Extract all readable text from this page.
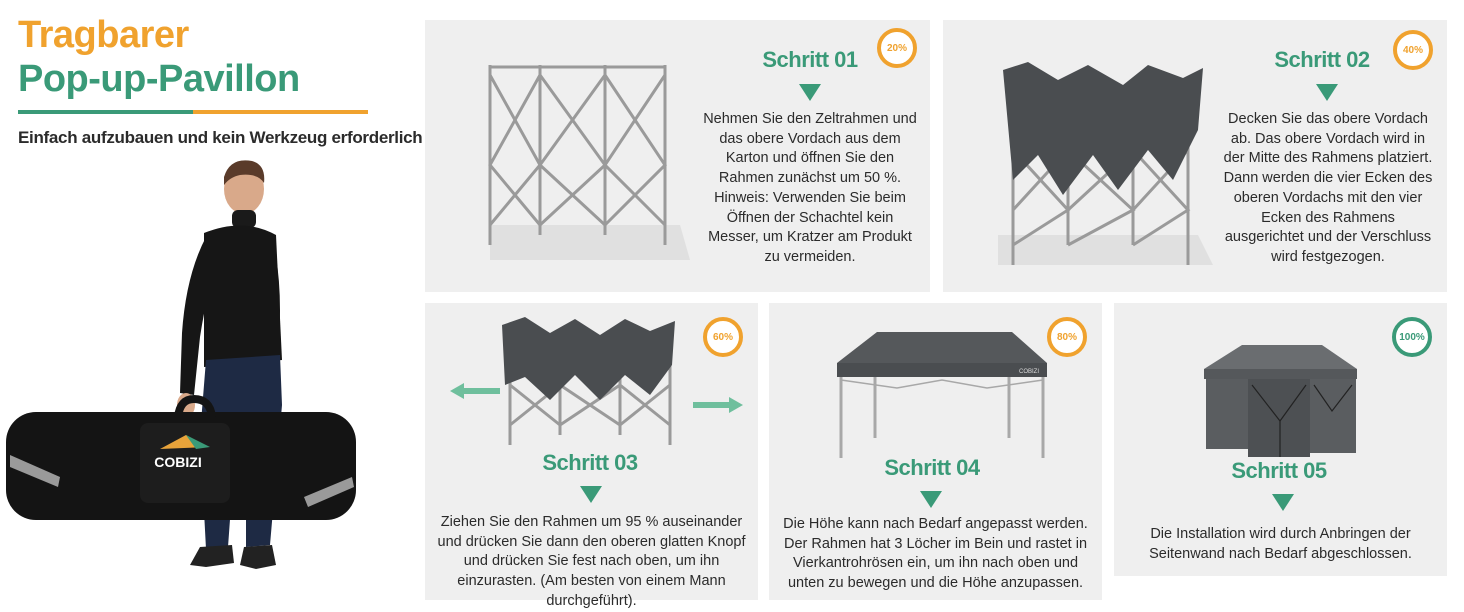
Tragbarer
Pop-up-Pavillon
Einfach aufzubauen und kein Werkzeug erforderlich
COBIZI
Schritt 01
Nehmen Sie den Zeltrahmen und das obere Vordach aus dem Karton und öffnen Sie den Rahmen zunächst um 50 %.
Hinweis: Verwenden Sie beim Öffnen der Schachtel kein Messer, um Kratzer am Produkt zu vermeiden.
20%	Schritt 02
Decken Sie das obere Vordach ab. Das obere Vordach wird in der Mitte des Rahmens platziert. Dann werden die vier Ecken des oberen Vordachs mit den vier Ecken des Rahmens ausgerichtet und der Verschluss wird festgezogen.
40%
Schritt 03
Ziehen Sie den Rahmen um 95 % auseinander und drücken Sie dann den oberen glatten Knopf und drücken Sie fest nach oben, um ihn einzurasten. (Am besten von einem Mann durchgeführt).
60%
COBIZI
Schritt 04
Die Höhe kann nach Bedarf angepasst werden. Der Rahmen hat 3 Löcher im Bein und rastet in Vierkantrohrösen ein, um ihn nach oben und unten zu bewegen und die Höhe anzupassen.
80%
Schritt 05
Die Installation wird durch Anbringen der Seitenwand nach Bedarf abgeschlossen.
100%
